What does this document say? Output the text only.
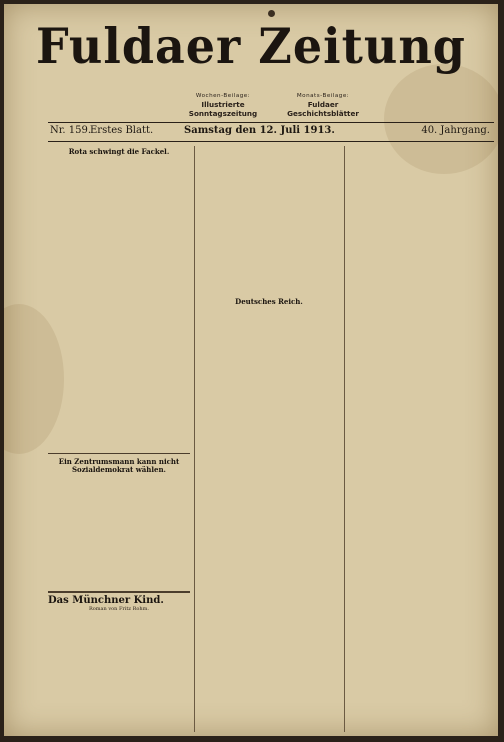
Fuldaer Zeitung
Wochen-Beilage:
Illustrierte Sonntagszeitung
Monats-Beilage:
Fuldaer Geschichtsblätter
Nr. 159.
Erstes Blatt.	Samstag den 12. Juli 1913.	40. Jahrgang.
Rota schwingt die Fackel.
Ein Zentrumsmann kann nicht Sozialdemokrat wählen.
Das Münchner Kind.
Roman von Fritz Rohm.
Deutsches Reich.
